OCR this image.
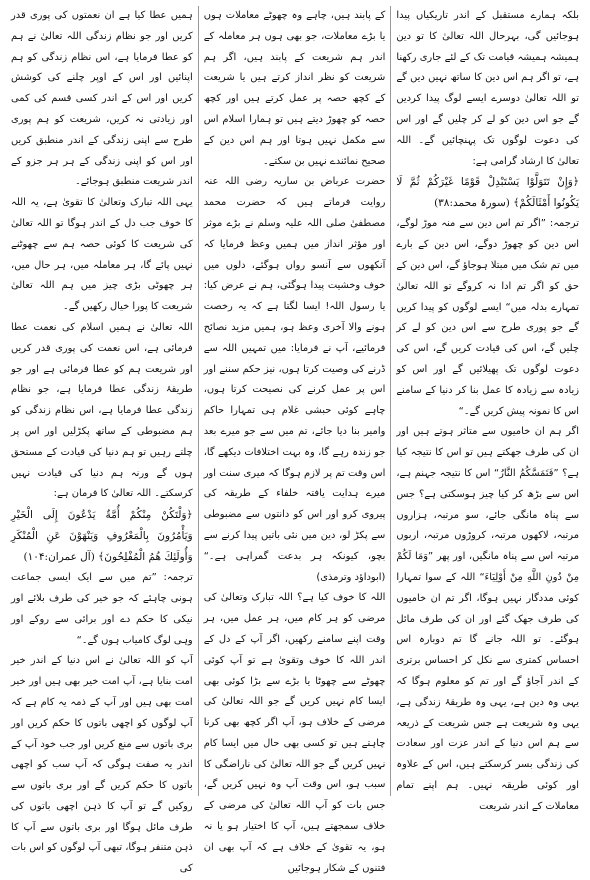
بلکہ ہمارے مستقبل کے اندر تاریکیاں پیدا ہوجائیں گی، بہرحال اللہ تعالیٰ کا تو دین ہمیشہ ہمیشہ قیامت تک کے لئے جاری رکھنا ہے، تو اگر ہم اس دین کا ساتھ نہیں دیں گے تو اللہ تعالیٰ دوسرے ایسے لوگ پیدا کردیں گے جو اس دین کو لے کر چلیں گے اور اس کی دعوت لوگوں تک پہنچائیں گے۔ اللہ تعالیٰ کا ارشاد گرامی ہے:

﴿وَإِنْ تَتَوَلَّوْا يَسْتَبْدِلْ قَوْمًا غَيْرَكُمْ ثُمَّ لَا يَكُونُوا أَمْثَالَكُمْ﴾ (سورۂ محمد:۳۸)

ترجمہ: ”اگر تم اس دین سے منہ موڑ لوگے، اس دین کو چھوڑ دوگے، اس دین کے بارے میں تم شک میں مبتلا ہوجاؤ گے، اس دین کے حق کو اگر تم ادا نہ کروگے تو اللہ تعالیٰ تمہارے بدلہ میں“ ایسے لوگوں کو پیدا کریں گے جو پوری طرح سے اس دین کو لے کر چلیں گے، اس کی قیادت کریں گے، اس کی دعوت لوگوں تک پھیلائیں گے اور اس کو زیادہ سے زیادہ کا عمل بنا کر دنیا کے سامنے اس کا نمونہ پیش کریں گے۔“

اگر ہم ان خامیوں سے متاثر ہوتے ہیں اور ان کی طرف جھکتے ہیں تو اس کا نتیجہ کیا ہے؟ ”فَتَمَسَّكُمُ النَّارُ“ اس کا نتیجہ جہنم ہے، اس سے بڑھ کر کیا چیز ہوسکتی ہے؟ جس سے پناہ مانگی جائے، سو مرتبہ، ہزاروں مرتبہ، لاکھوں مرتبہ، کروڑوں مرتبہ، اربوں مرتبہ اس سے پناہ مانگیں، اور پھر ”وَمَا لَكُمْ مِنْ دُونِ اللَّهِ مِنْ أَوْلِيَاءَ“ اللہ کے سوا تمہارا کوئی مددگار نہیں ہوگا، اگر تم ان خامیوں کی طرف جھک گئے اور ان کی طرف مائل ہوگئے۔ تو اللہ جانے گا تم دوبارہ اس احساس کمتری سے نکل کر احساس برتری کے اندر آجاؤ گے اور تم کو معلوم ہوگا کہ یہی وہ دین ہے، یہی وہ طریقۂ زندگی ہے، یہی وہ شریعت ہے جس شریعت کے ذریعہ سے ہم اس دنیا کے اندر عزت اور سعادت کی زندگی بسر کرسکتے ہیں، اس کے علاوہ اور کوئی طریقہ نہیں۔ ہم اپنے تمام معاملات کے اندر شریعت

کے پابند ہیں، چاہے وہ چھوٹے معاملات ہوں یا بڑے معاملات، جو بھی ہوں ہر معاملہ کے اندر ہم شریعت کے پابند ہیں، اگر ہم شریعت کو نظر انداز کرتے ہیں یا شریعت کے کچھ حصہ پر عمل کرتے ہیں اور کچھ حصہ کو چھوڑ دیتے ہیں تو ہمارا اسلام اس سے مکمل نہیں ہوتا اور ہم اس دین کے صحیح نمائندے نہیں بن سکتے۔

حضرت عرباض بن ساریہ رضی اللہ عنہ روایت فرماتے ہیں کہ حضرت محمد مصطفیٰ صلی اللہ علیہ وسلم نے بڑے موثر اور مؤثر انداز میں ہمیں وعظ فرمایا کہ آنکھوں سے آنسو رواں ہوگئے، دلوں میں خوف وخشیت پیدا ہوگئی، ہم نے عرض کیا: یا رسول اللہ! ایسا لگتا ہے کہ یہ رخصت ہونے والا آخری وعظ ہو، ہمیں مزید نصائح فرمائیے، آپ نے فرمایا: میں تمہیں اللہ سے ڈرنے کی وصیت کرتا ہوں، نیز حکم سننے اور اس پر عمل کرنے کی نصیحت کرتا ہوں، چاہے کوئی حبشی غلام ہی تمہارا حاکم وامیر بنا دیا جائے، تم میں سے جو میرے بعد جو زندہ رہے گا، وہ بہت اختلافات دیکھے گا، اس وقت تم پر لازم ہوگا کہ میری سنت اور میرے ہدایت یافتہ خلفاء کے طریقہ کی پیروی کرو اور اس کو دانتوں سے مضبوطی سے پکڑ لو، دین میں نئی باتیں پیدا کرنے سے بچو، کیونکہ ہر بدعت گمراہی ہے۔“ (ابوداؤد وترمذی)

اللہ کا خوف کیا ہے؟ اللہ تبارک وتعالیٰ کی مرضی کو ہر کام میں، ہر عمل میں، ہر وقت اپنے سامنے رکھیں، اگر آپ کے دل کے اندر اللہ کا خوف وتقویٰ ہے تو آپ کوئی چھوٹے سے چھوٹا یا بڑے سے بڑا کوئی بھی ایسا کام نہیں کریں گے جو اللہ تعالیٰ کی مرضی کے خلاف ہو، آپ اگر کچھ بھی کرنا چاہتے ہیں تو کسی بھی حال میں ایسا کام نہیں کریں گے جو اللہ تعالیٰ کی ناراضگی کا سبب ہو، اس وقت آپ وہ نہیں کریں گے، جس بات کو آپ اللہ تعالیٰ کی مرضی کے خلاف سمجھتے ہیں، آپ کا اختیار ہو یا نہ ہو، یہ تقویٰ کے خلاف ہے کہ آپ بھی ان فتنوں کے شکار ہوجائیں

ہمیں عطا کیا ہے ان نعمتوں کی پوری قدر کریں اور جو نظام زندگی اللہ تعالیٰ نے ہم کو عطا فرمایا ہے، اس نظام زندگی کو ہم اپنائیں اور اس کے اوپر چلنے کی کوشش کریں اور اس کے اندر کسی قسم کی کمی اور زیادتی نہ کریں، شریعت کو ہم پوری طرح سے اپنی زندگی کے اندر منطبق کریں اور اس کو اپنی زندگی کے ہر ہر جزو کے اندر شریعت منطبق ہوجائے۔

یہی اللہ تبارک وتعالیٰ کا تقویٰ ہے، یہ اللہ کا خوف جب دل کے اندر ہوگا تو اللہ تعالیٰ کی شریعت کا کوئی حصہ ہم سے چھوٹنے نہیں پائے گا، ہر معاملہ میں، ہر حال میں، ہر چھوٹی بڑی چیز میں ہم اللہ تعالیٰ شریعت کا پورا خیال رکھیں گے۔

اللہ تعالیٰ نے ہمیں اسلام کی نعمت عطا فرمائی ہے، اس نعمت کی پوری قدر کریں اور شریعت ہم کو عطا فرمائی ہے اور جو طریقۂ زندگی عطا فرمایا ہے، جو نظام زندگی عطا فرمایا ہے، اس نظام زندگی کو ہم مضبوطی کے ساتھ پکڑلیں اور اس پر چلتے رہیں تو ہم دنیا کی قیادت کے مستحق ہوں گے ورنہ ہم دنیا کی قیادت نہیں کرسکتے۔ اللہ تعالیٰ کا فرمان ہے:

﴿وَلْتَكُنْ مِنْكُمْ أُمَّةٌ يَدْعُونَ إِلَى الْخَيْرِ وَيَأْمُرُونَ بِالْمَعْرُوفِ وَيَنْهَوْنَ عَنِ الْمُنْكَرِ وَأُولَئِكَ هُمُ الْمُفْلِحُونَ﴾ (آل عمران:۱۰۴)

ترجمہ: ”تم میں سے ایک ایسی جماعت ہونی چاہئے کہ جو خیر کی طرف بلائے اور نیکی کا حکم دے اور برائی سے روکے اور وہی لوگ کامیاب ہوں گے۔“

آپ کو اللہ تعالیٰ نے اس دنیا کے اندر خیر امت بنایا ہے، آپ امت خیر بھی ہیں اور خیر امت بھی ہیں اور آپ کے ذمہ یہ کام ہے کہ آپ لوگوں کو اچھی باتوں کا حکم کریں اور بری باتوں سے منع کریں اور جب خود آپ کے اندر یہ صفت ہوگی کہ آپ سب کو اچھی باتوں کا حکم کریں گے اور بری باتوں سے روکیں گے تو آپ کا ذہن اچھی باتوں کی طرف مائل ہوگا اور بری باتوں سے آپ کا ذہن متنفر ہوگا، تبھی آپ لوگوں کو اس بات کی
